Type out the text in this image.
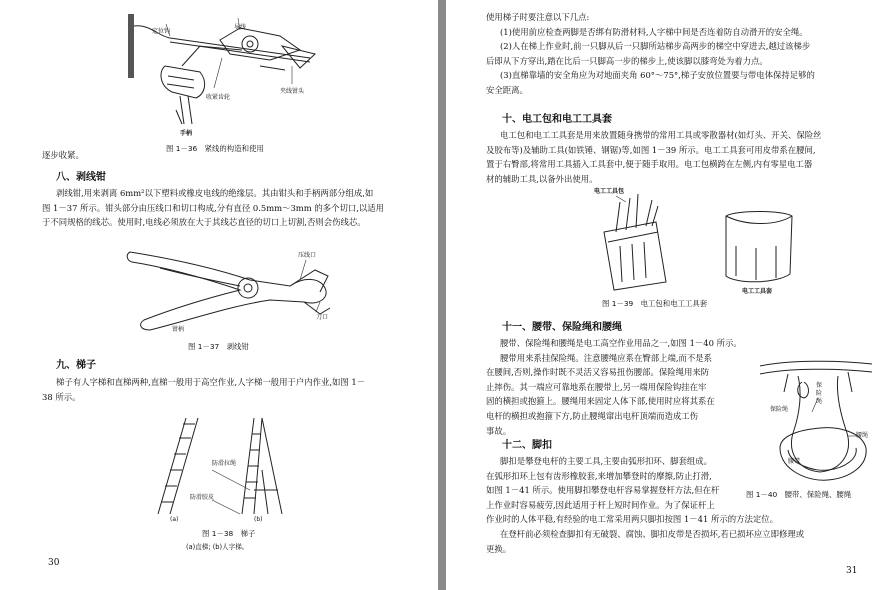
定位钩
导线
收紧齿轮
夹线钳头
手柄
图 1－36　紧线的构造和使用
逐步收紧。
八、剥线钳

剥线钳,用来剥离 6mm²以下塑料或橡皮电线的绝缘层。其由钳头和手柄两部分组成,如

图 1－37 所示。钳头部分由压线口和切口构成,分有直径 0.5mm～3mm 的多个切口,以适用

于不同规格的线芯。使用时,电线必须放在大于其线芯直径的切口上切割,否则会伤线芯。

压线口
刀口
钳柄
图 1－37　剥线钳
九、梯子

梯子有人字梯和直梯两种,直梯一般用于高空作业,人字梯一般用于户内作业,如图 1－

38 所示。

防滑拉绳
防滑胶皮
(a)	(b)
图 1－38　梯子
(a)直梯; (b)人字梯。
30

使用梯子时要注意以下几点:

(1)使用前应检查两脚是否绑有防滑材料,人字梯中间是否连着防自动滑开的安全绳。

(2)人在梯上作业时,前一只脚从后一只脚所站梯步高两步的梯空中穿进去,越过该梯步

后即从下方穿出,踏在比后一只脚高一步的梯步上,使该脚以膝弯处为着力点。

(3)直梯靠墙的安全角应为对地面夹角 60°～75°,梯子安放位置要与带电体保持足够的

安全距离。

十、电工包和电工工具套

电工包和电工工具套是用来放置随身携带的常用工具或零散器材(如灯头、开关、保险丝

及胶布等)及辅助工具(如铁锤、钢锯)等,如图 1－39 所示。电工工具套可用皮带系在腰间,

置于右臀部,将常用工具插入工具套中,便于随手取用。电工包横跨在左侧,内有零星电工器

材的辅助工具,以备外出使用。

电工工具包
电工工具套
图 1－39　电工包和电工工具套
十一、腰带、保险绳和腰绳

腰带、保险绳和腰绳是电工高空作业用品之一,如图 1－40 所示。

腰带用来系挂保险绳。注意腰绳应系在臀部上端,而不是系

在腰间,否则,操作时既不灵活又容易扭伤腰部。保险绳用来防

止摔伤。其一端应可靠地系在腰带上,另一端用保险钩挂在牢

固的横担或抱箍上。腰绳用来固定人体下部,使用时应将其系在

电杆的横担或抱箍下方,防止腰绳窜出电杆顶端而造成工伤

事故。

保险绳
保险绳
腰绳
腰带
十二、脚扣

脚扣是攀登电杆的主要工具,主要由弧形扣环、脚套组成。

在弧形扣环上包有齿形橡胶套,来增加攀登时的摩擦,防止打滑,

如图 1－41 所示。使用脚扣攀登电杆容易掌握登杆方法,但在杆

上作业时容易疲劳,因此适用于杆上短时间作业。为了保证杆上

作业时的人体平稳,有经验的电工常采用两只脚扣按图 1－41 所示的方法定位。

在登杆前必须检查脚扣有无破裂、腐蚀、脚扣皮带是否损坏,若已损坏应立即修理或

更换。

图 1－40　腰带、保险绳、腰绳
31
